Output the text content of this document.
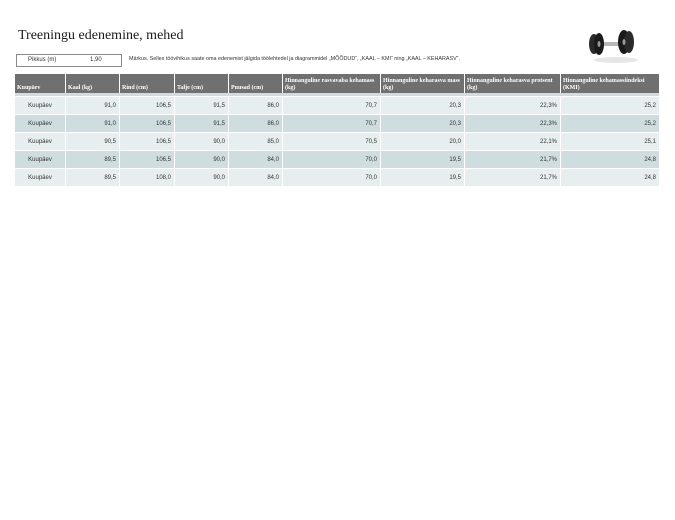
Treeningu edenemine, mehed
Pikkus (m)	1,90	Märkus. Selles töövihikus saate oma edenemist jälgida töölehtedel ja diagrammidel „MÕÕDUD“, „KAAL – KMI“ ning „KAAL – KEHARASV“.
Kuupäev	Kaal (kg)	Rind (cm)	Talje (cm)	Puusad (cm)	Hinnanguline rasvavaba kehamass (kg)	Hinnanguline keharasva mass (kg)	Hinnanguline keharasva protsent (kg)	Hinnanguline kehamassiindeksi (KMI)

Kuupäev	91,0	106,5	91,5	86,0	70,7	20,3	22,3%	25,2
Kuupäev	91,0	106,5	91,5	86,0	70,7	20,3	22,3%	25,2
Kuupäev	90,5	106,5	90,0	85,0	70,5	20,0	22,1%	25,1
Kuupäev	89,5	106,5	90,0	84,0	70,0	19,5	21,7%	24,8
Kuupäev	89,5	108,0	90,0	84,0	70,0	19,5	21,7%	24,8
